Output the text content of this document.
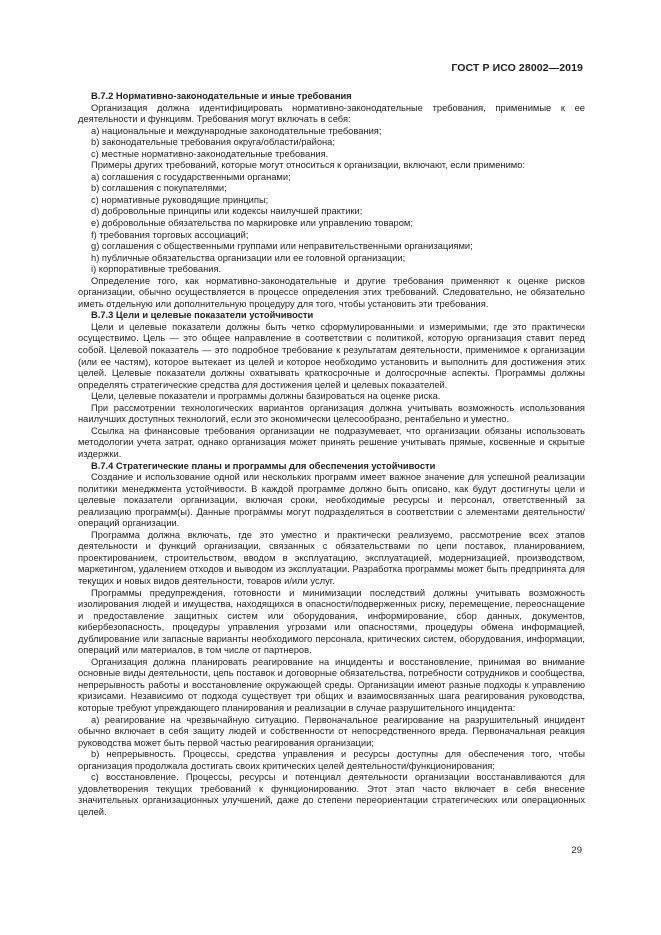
ГОСТ Р ИСО 28002—2019

B.7.2 Нормативно-законодательные и иные требования

Организация должна идентифицировать нормативно-законодательные требования, применимые к ее деятельности и функциям. Требования могут включать в себя:

a) национальные и международные законодательные требования;

b) законодательные требования округа/области/района;

c) местные нормативно-законодательные требования.

Примеры других требований, которые могут относиться к организации, включают, если применимо:

a) соглашения с государственными органами;

b) соглашения с покупателями;

c) нормативные руководящие принципы;

d) добровольные принципы или кодексы наилучшей практики;

e) добровольные обязательства по маркировке или управлению товаром;

f) требования торговых ассоциаций;

g) соглашения с общественными группами или неправительственными организациями;

h) публичные обязательства организации или ее головной организации;

i) корпоративные требования.

Определение того, как нормативно-законодательные и другие требования применяют к оценке рисков организации, обычно осуществляется в процессе определения этих требований. Следовательно, не обязательно иметь отдельную или дополнительную процедуру для того, чтобы установить эти требования.

B.7.3 Цели и целевые показатели устойчивости

Цели и целевые показатели должны быть четко сформулированными и измеримыми, где это практически осуществимо. Цель — это общее направление в соответствии с политикой, которую организация ставит перед собой. Целевой показатель — это подробное требование к результатам деятельности, применимое к организации (или ее частям), которое вытекает из целей и которое необходимо установить и выполнить для достижения этих целей. Целевые показатели должны охватывать краткосрочные и долгосрочные аспекты. Программы должны определять стратегические средства для достижения целей и целевых показателей.

Цели, целевые показатели и программы должны базироваться на оценке риска.

При рассмотрении технологических вариантов организация должна учитывать возможность использования наилучших доступных технологий, если это экономически целесообразно, рентабельно и уместно.

Ссылка на финансовые требования организации не подразумевает, что организации обязаны использовать методологии учета затрат, однако организация может принять решение учитывать прямые, косвенные и скрытые издержки.

B.7.4 Стратегические планы и программы для обеспечения устойчивости

Создание и использование одной или нескольких программ имеет важное значение для успешной реализации политики менеджмента устойчивости. В каждой программе должно быть описано, как будут достигнуты цели и целевые показатели организации, включая сроки, необходимые ресурсы и персонал, ответственный за реализацию программ(ы). Данные программы могут подразделяться в соответствии с элементами деятельности/операций организации.

Программа должна включать, где это уместно и практически реализуемо, рассмотрение всех этапов деятельности и функций организации, связанных с обязательствами по цепи поставок, планированием, проектированием, строительством, вводом в эксплуатацию, эксплуатацией, модернизацией, производством, маркетингом, удалением отходов и выводом из эксплуатации. Разработка программы может быть предпринята для текущих и новых видов деятельности, товаров и/или услуг.

Программы предупреждения, готовности и минимизации последствий должны учитывать возможность изолирования людей и имущества, находящихся в опасности/подверженных риску, перемещение, переоснащение и предоставление защитных систем или оборудования, информирование, сбор данных, документов, кибербезопасность, процедуры управления угрозами или опасностями, процедуры обмена информацией, дублирование или запасные варианты необходимого персонала, критических систем, оборудования, информации, операций или материалов, в том числе от партнеров.

Организация должна планировать реагирование на инциденты и восстановление, принимая во внимание основные виды деятельности, цепь поставок и договорные обязательства, потребности сотрудников и сообщества, непрерывность работы и восстановление окружающей среды. Организации имеют разные подходы к управлению кризисами. Независимо от подхода существует три общих и взаимосвязанных шага реагирования руководства, которые требуют упреждающего планирования и реализации в случае разрушительного инцидента:

a) реагирование на чрезвычайную ситуацию. Первоначальное реагирование на разрушительный инцидент обычно включает в себя защиту людей и собственности от непосредственного вреда. Первоначальная реакция руководства может быть первой частью реагирования организации;

b) непрерывность. Процессы, средства управления и ресурсы доступны для обеспечения того, чтобы организация продолжала достигать своих критических целей деятельности/функционирования;

c) восстановление. Процессы, ресурсы и потенциал деятельности организации восстанавливаются для удовлетворения текущих требований к функционированию. Этот этап часто включает в себя внесение значительных организационных улучшений, даже до степени переориентации стратегических или операционных целей.

29
